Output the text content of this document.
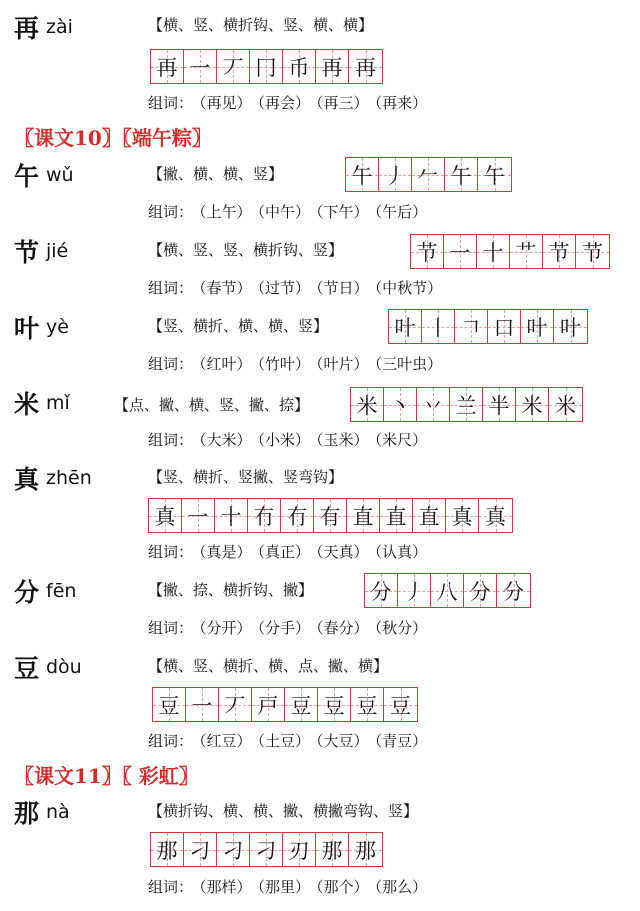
再 zài	【横、竖、横折钩、竖、横、横】
再 一 丆 冂 币 再 再
组词： （再见） （再会） （再三） （再来）
〖课文10〗〖端午粽〗
午 wǔ	【撇、横、横、竖】	午 丿 𠂉 午 午
组词： （上午） （中午） （下午） （午后）
节 jié	【横、竖、竖、横折钩、竖】	节 一 十 艹 节 节
组词： （春节） （过节） （节日） （中秋节）
叶 yè	【竖、横折、横、横、竖】	叶 丨 𠃍 口 叶 叶
组词： （红叶） （竹叶） （叶片） （三叶虫）
米 mǐ	【点、撇、横、竖、撇、捺】 米 丶 丷 兰 半 米 米
组词： （大米） （小米） （玉米） （米尺）
真 zhēn	【竖、横折、竖撇、竖弯钩】
真 一 十 冇 冇 有 直 直 直 真 真
组词： （真是） （真正） （天真） （认真）
分 fēn	【撇、捺、横折钩、撇】	分 丿 八 分 分
组词： （分开） （分手） （春分） （秋分）
豆 dòu	【横、竖、横折、横、点、撇、横】
豆 一 丆 戸 豆 豆 豆 豆
组词： （红豆） （土豆） （大豆） （青豆）
〖课文11〗〖 彩虹〗
那 nà	【横折钩、横、横、撇、横撇弯钩、竖】
那 刁 刁 刁 刃 那 那
组词： （那样） （那里） （那个） （那么）
